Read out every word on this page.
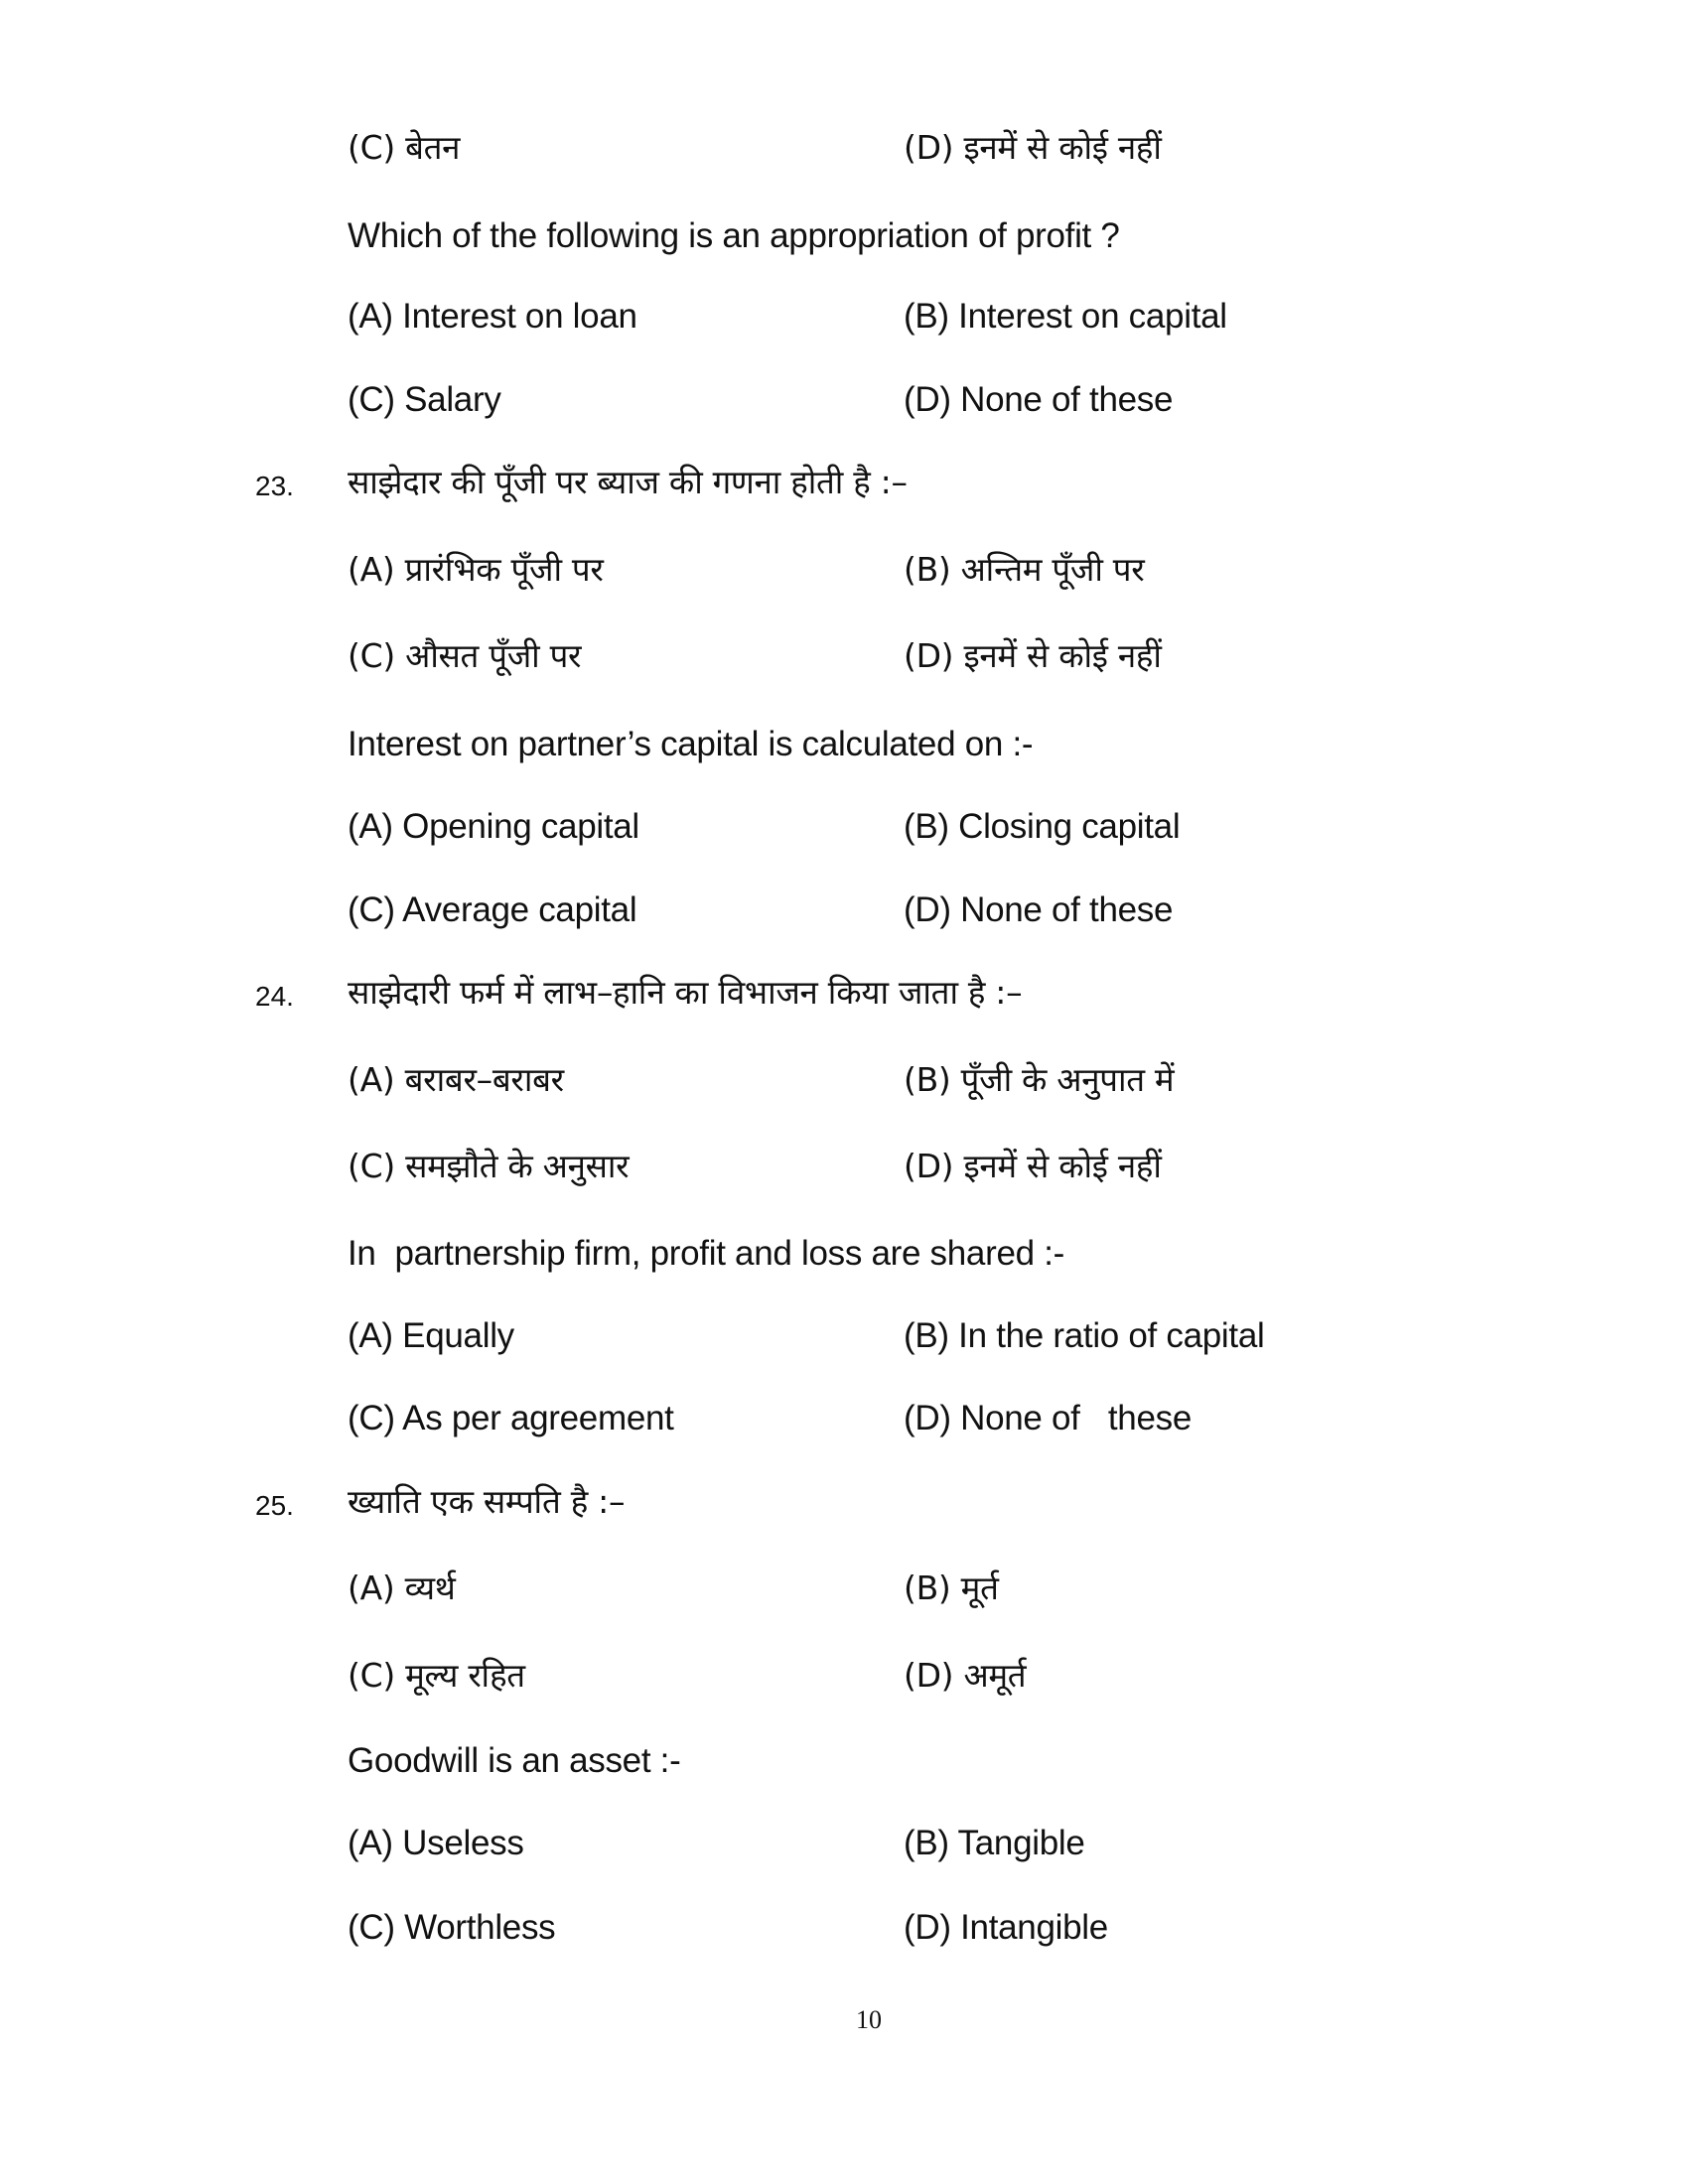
(C) बेतन	(D) इनमें से कोई नहीं
Which of the following is an appropriation of profit ?
(A) Interest on loan	(B) Interest on capital
(C) Salary	(D) None of these
23. साझेदार की पूँजी पर ब्याज की गणना होती है :–
(A) प्रारंभिक पूँजी पर	(B) अन्तिम पूँजी पर
(C) औसत पूँजी पर	(D) इनमें से कोई नहीं
Interest on partner’s capital is calculated on :-
(A) Opening capital	(B) Closing capital
(C) Average capital	(D) None of these
24. साझेदारी फर्म में लाभ–हानि का विभाजन किया जाता है :–
(A) बराबर–बराबर	(B) पूँजी के अनुपात में
(C) समझौते के अनुसार	(D) इनमें से कोई नहीं
In  partnership firm, profit and loss are shared :-
(A) Equally	(B) In the ratio of capital
(C) As per agreement	(D) None of   these
25. ख्याति एक सम्पति है :–
(A) व्यर्थ	(B) मूर्त
(C) मूल्य रहित	(D) अमूर्त
Goodwill is an asset :-
(A) Useless	(B) Tangible
(C) Worthless	(D) Intangible
10
